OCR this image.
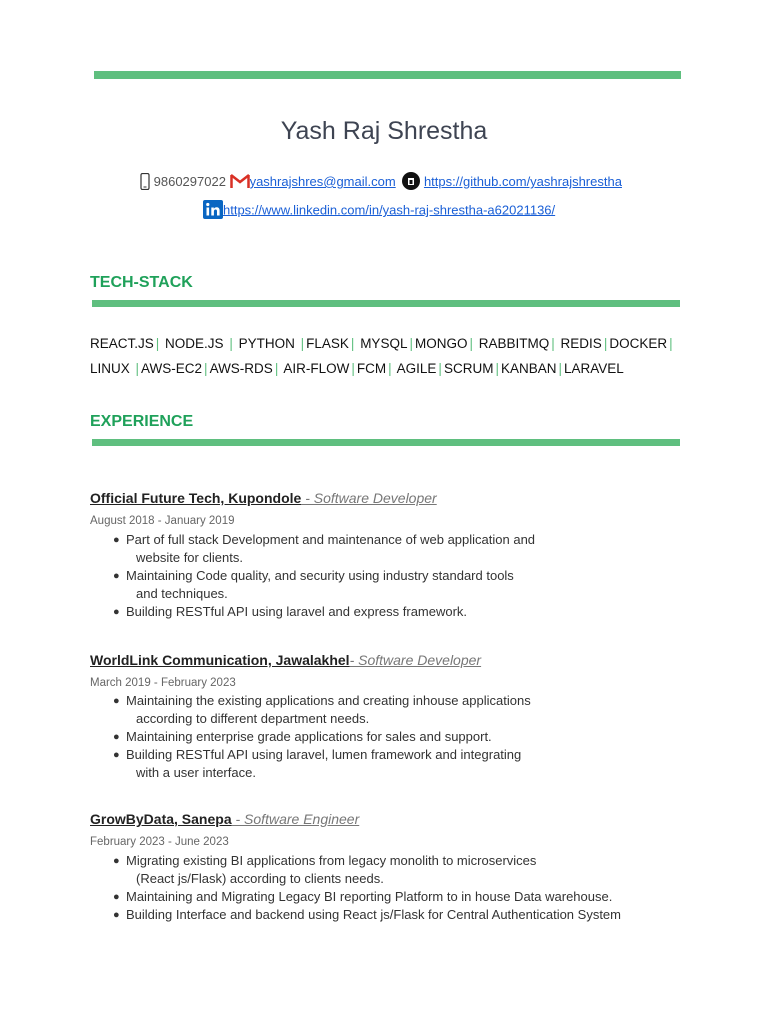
Yash Raj Shrestha
9860297022 yashrajshres@gmail.com https://github.com/yashrajshrestha
https://www.linkedin.com/in/yash-raj-shrestha-a62021136/
TECH-STACK
REACT.JS | NODE.JS | PYTHON | FLASK | MYSQL | MONGO | RABBITMQ | REDIS | DOCKER |
LINUX | AWS-EC2 | AWS-RDS | AIR-FLOW | FCM | AGILE | SCRUM | KANBAN | LARAVEL
EXPERIENCE
Official Future Tech, Kupondole - Software Developer
August 2018 - January 2019
● Part of full stack Development and maintenance of web application and
website for clients.
● Maintaining Code quality, and security using industry standard tools
and techniques.
● Building RESTful API using laravel and express framework.
WorldLink Communication, Jawalakhel- Software Developer
March 2019 - February 2023
● Maintaining the existing applications and creating inhouse applications
according to different department needs.
● Maintaining enterprise grade applications for sales and support.
● Building RESTful API using laravel, lumen framework and integrating
with a user interface.
GrowByData, Sanepa - Software Engineer
February 2023 - June 2023
● Migrating existing BI applications from legacy monolith to microservices
(React js/Flask) according to clients needs.
● Maintaining and Migrating Legacy BI reporting Platform to in house Data warehouse.
● Building Interface and backend using React js/Flask for Central Authentication System
